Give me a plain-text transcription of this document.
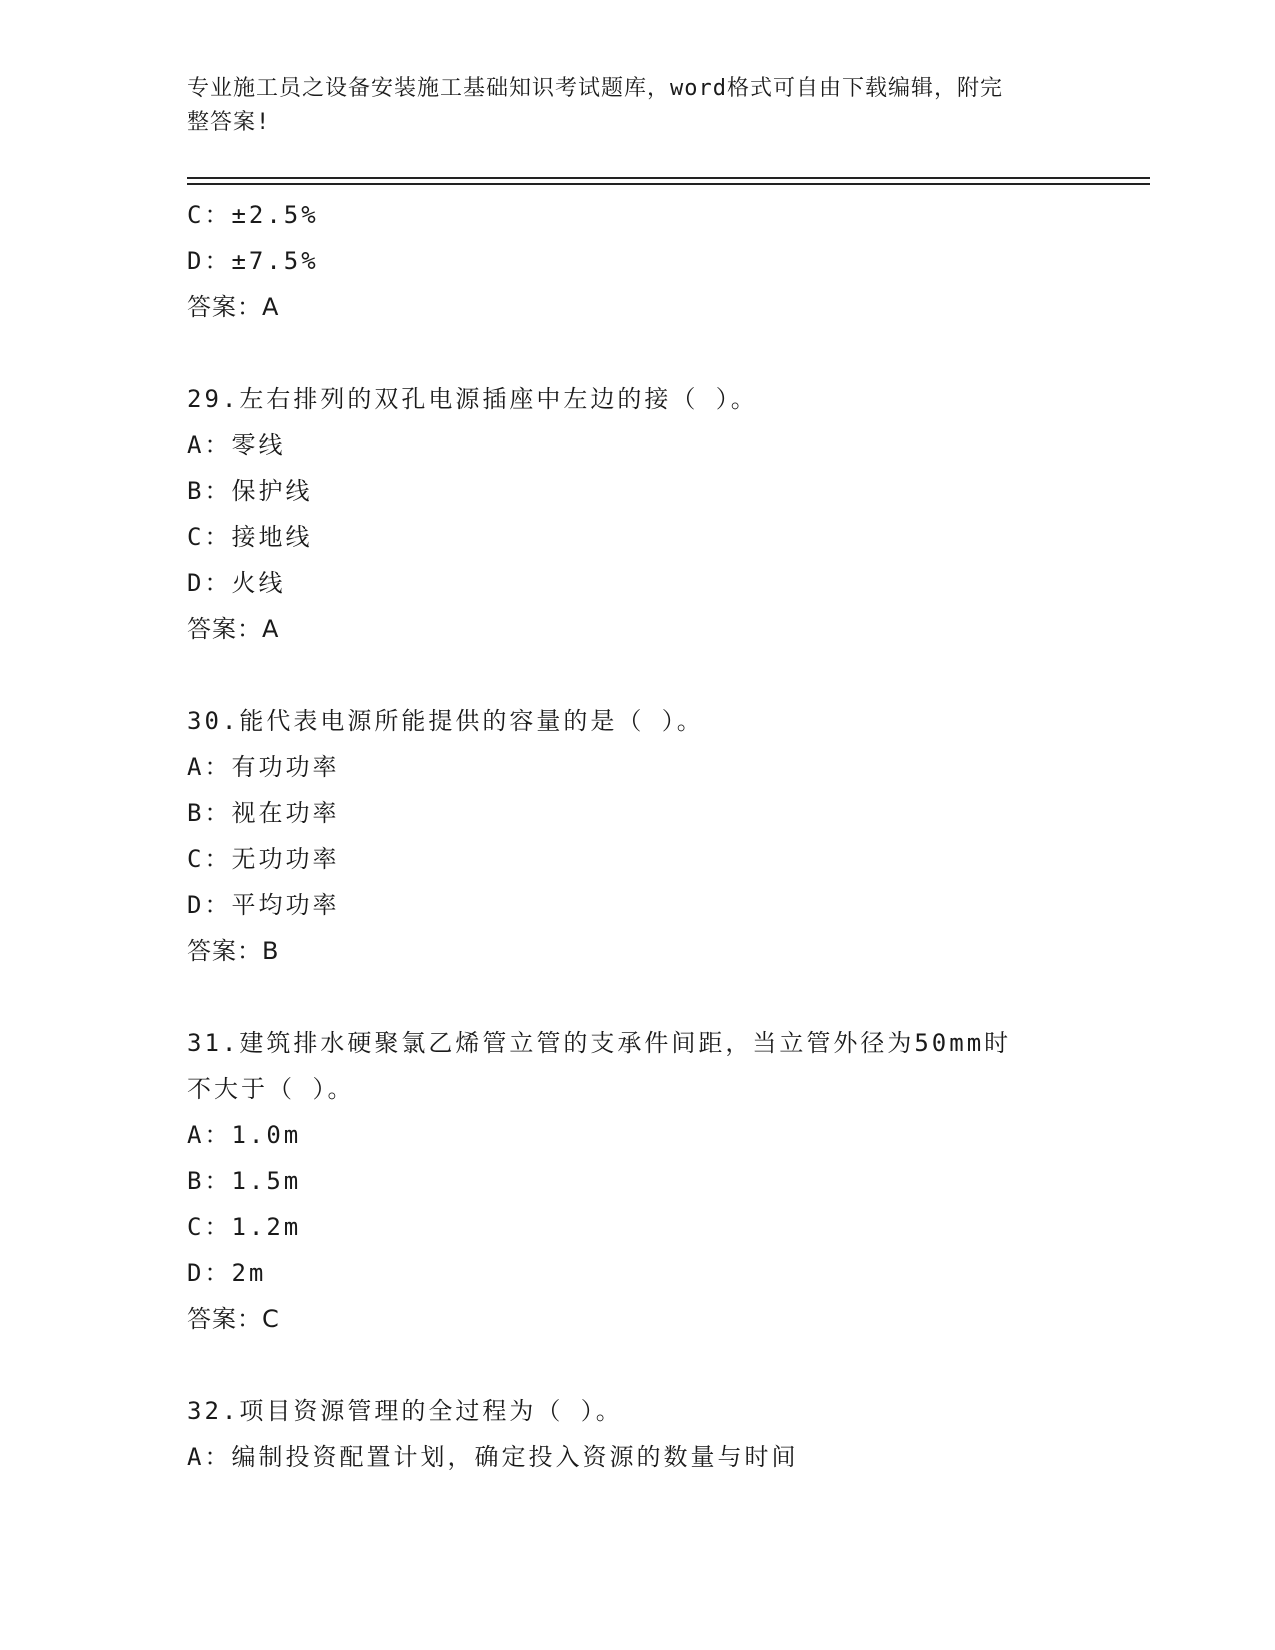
专业施工员之设备安装施工基础知识考试题库，word格式可自由下载编辑，附完
整答案!
C：±2.5%
D：±7.5%
答案：A
29.左右排列的双孔电源插座中左边的接（ ）。
A：零线
B：保护线
C：接地线
D：火线
答案：A
30.能代表电源所能提供的容量的是（ ）。
A：有功功率
B：视在功率
C：无功功率
D：平均功率
答案：B
31.建筑排水硬聚氯乙烯管立管的支承件间距，当立管外径为50mm时
不大于（ ）。
A：1.0m
B：1.5m
C：1.2m
D：2m
答案：C
32.项目资源管理的全过程为（ ）。
A：编制投资配置计划，确定投入资源的数量与时间
